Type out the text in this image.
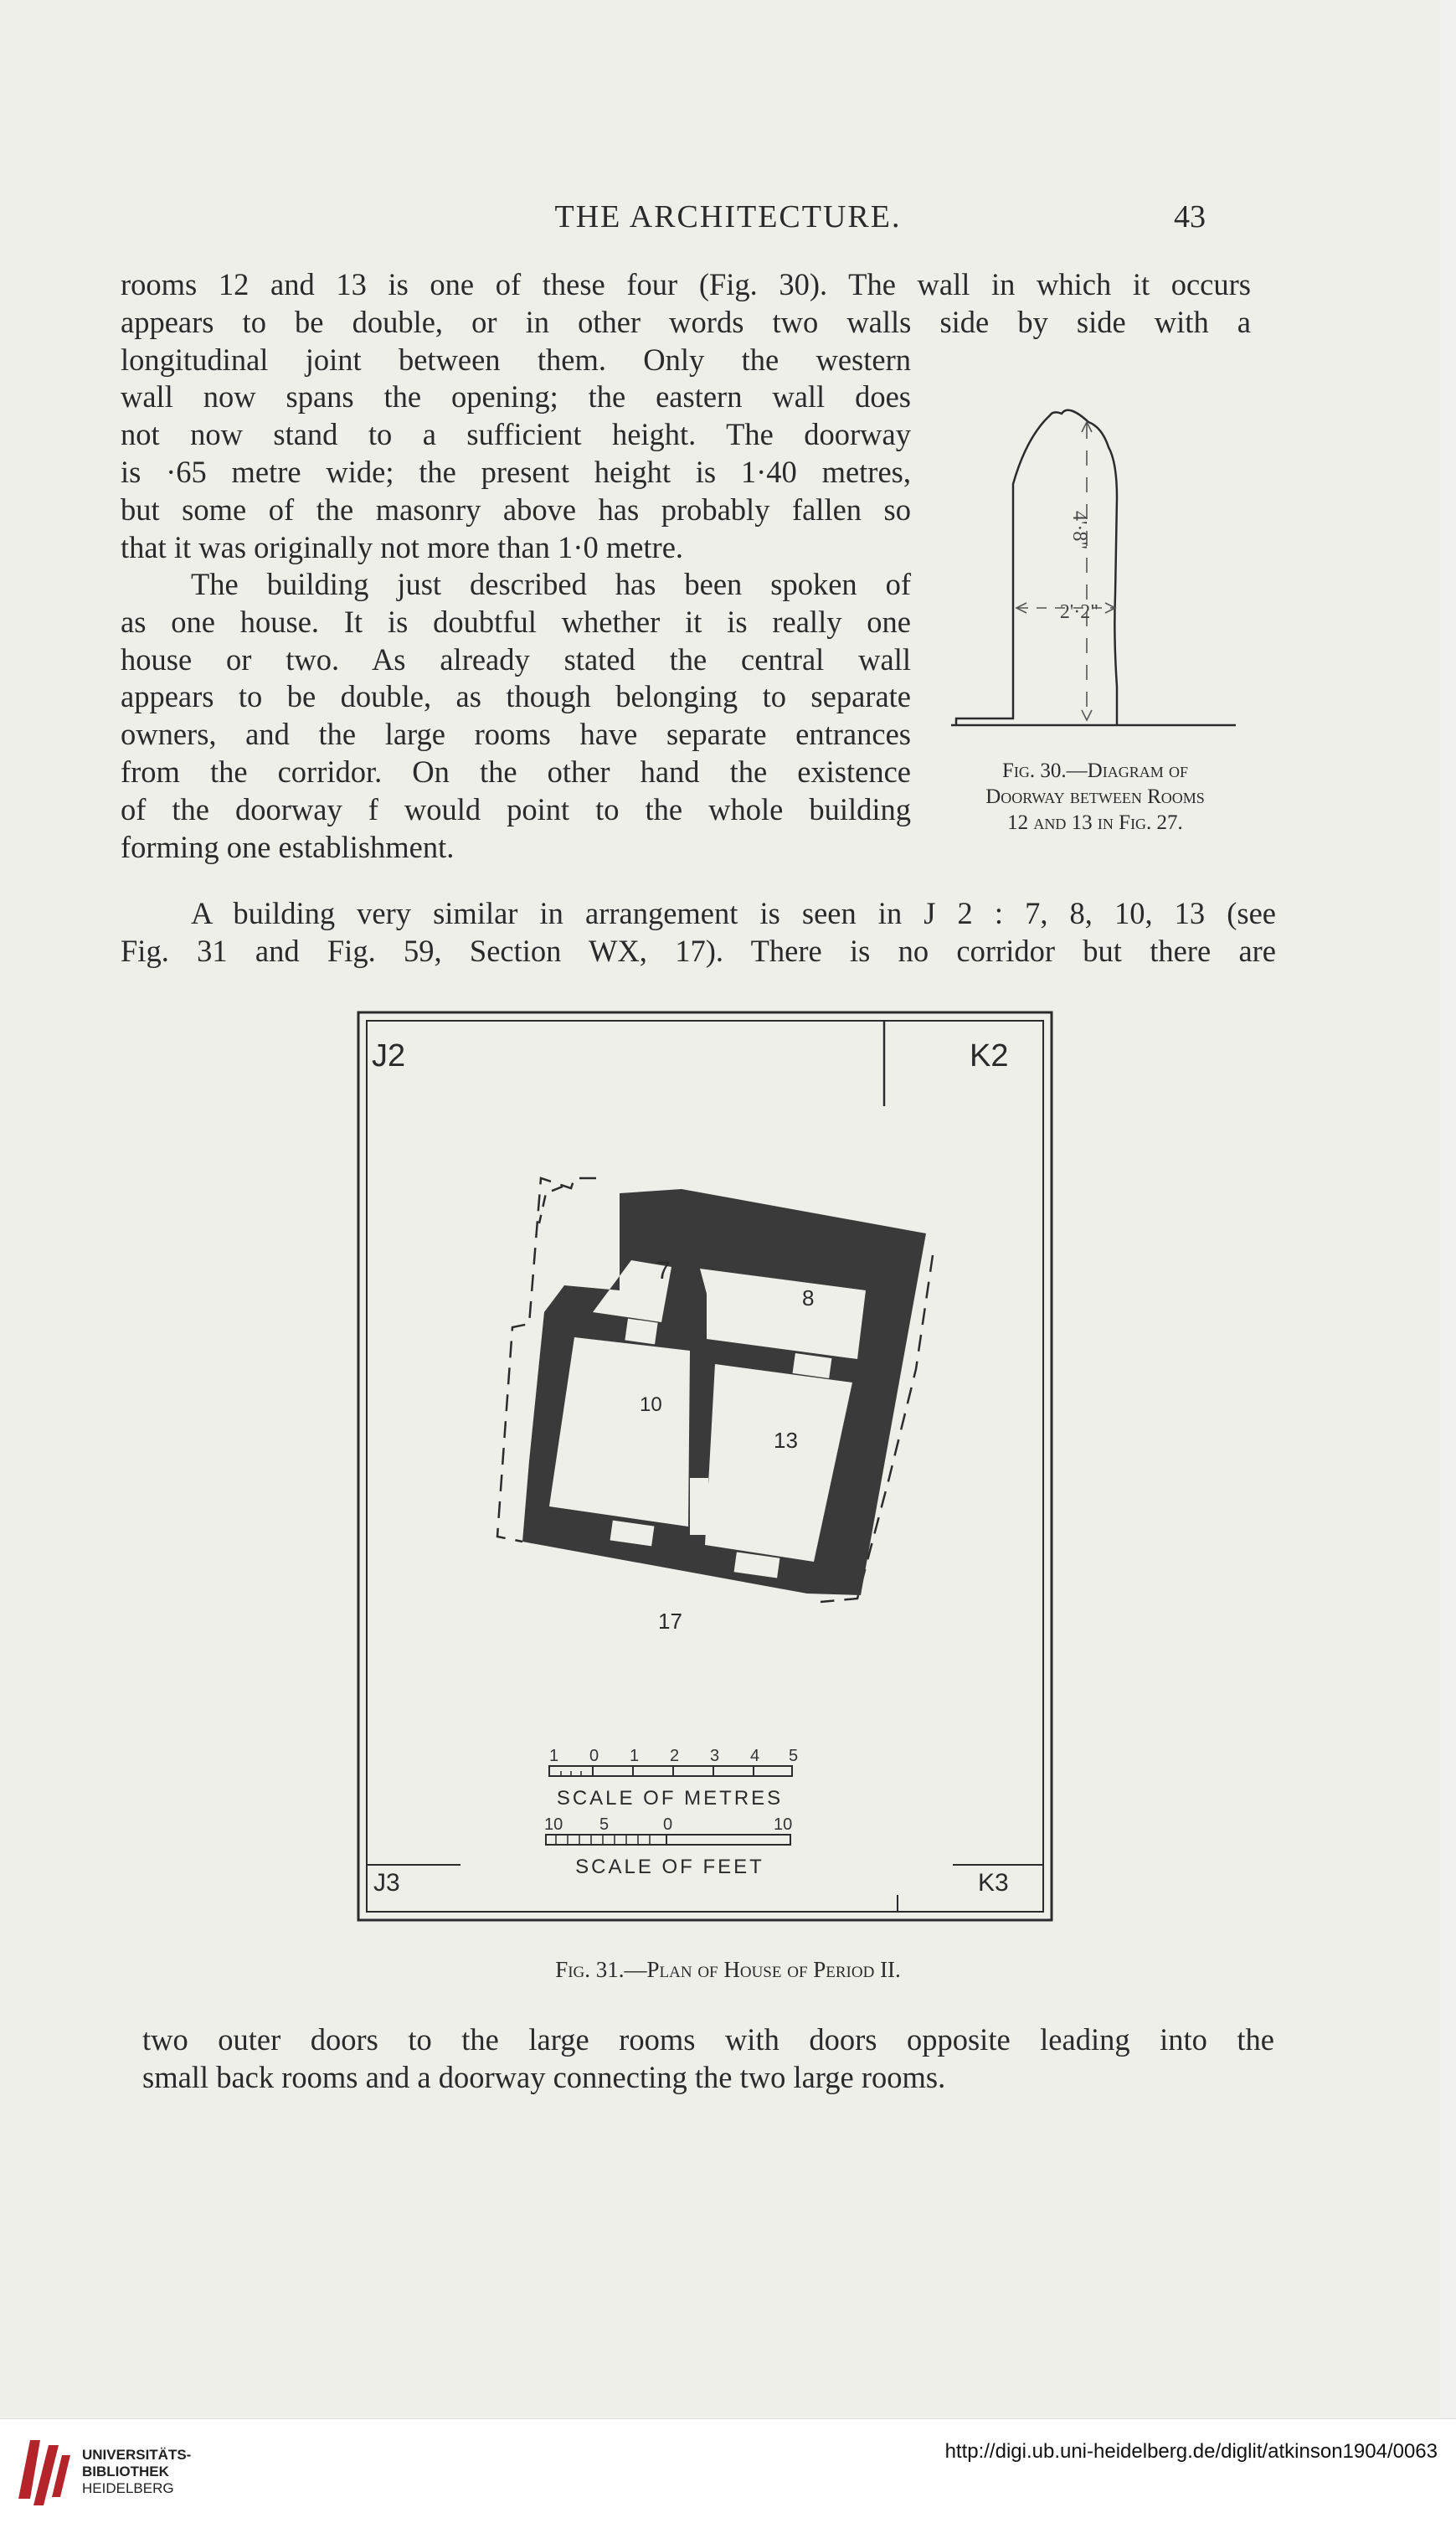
THE ARCHITECTURE.	43
rooms 12 and 13 is one of these four (Fig. 30). The wall in which it occurs
appears to be double, or in other words two walls side by side with a
longitudinal joint between them. Only the western
wall now spans the opening; the eastern wall does
not now stand to a sufficient height. The doorway
is ·65 metre wide; the present height is 1·40 metres,
but some of the masonry above has probably fallen so
that it was originally not more than 1·0 metre.
The building just described has been spoken of
as one house. It is doubtful whether it is really one
house or two. As already stated the central wall
appears to be double, as though belonging to separate
owners, and the large rooms have separate entrances
from the corridor. On the other hand the existence
of the doorway f would point to the whole building
forming one establishment.
A building very similar in arrangement is seen in J 2 : 7, 8, 10, 13 (see
Fig. 31 and Fig. 59, Section WX, 17). There is no corridor but there are
4'·8"
2'·2"
Fig. 30.—Diagram of
Doorway between Rooms
12 and 13 in Fig. 27.
7
8
10
13
17
1 0 1 2 3 4 5
SCALE OF METRES
10 5	0	10
SCALE OF FEET
J2	K2
J3	K3
Fig. 31.—Plan of House of Period II.
two outer doors to the large rooms with doors opposite leading into the
small back rooms and a doorway connecting the two large rooms.
UNIVERSITÄTS-
BIBLIOTHEK
HEIDELBERG
http://digi.ub.uni-heidelberg.de/diglit/atkinson1904/0063
